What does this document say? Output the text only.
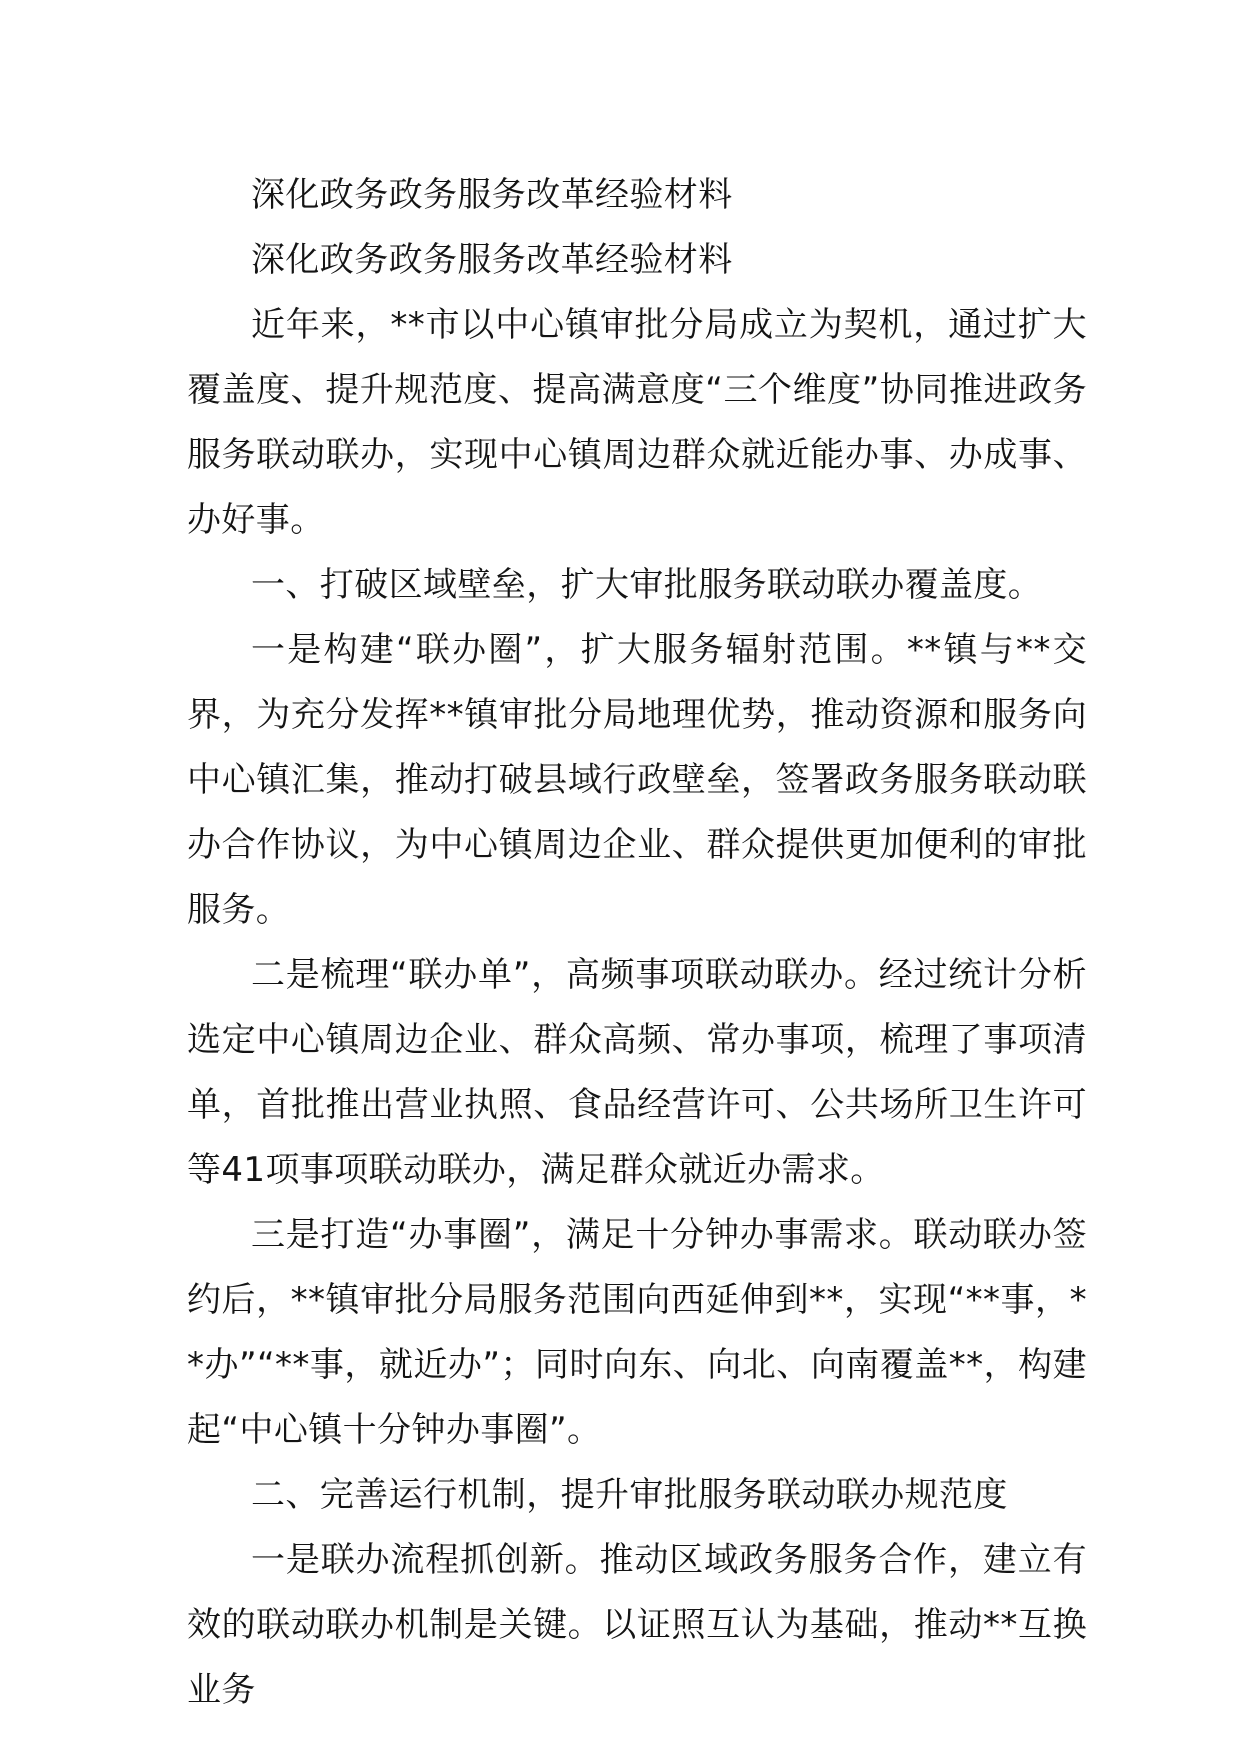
深化政务政务服务改革经验材料

深化政务政务服务改革经验材料

近年来，**市以中心镇审批分局成立为契机，通过扩大覆盖度、提升规范度、提高满意度“三个维度”协同推进政务服务联动联办，实现中心镇周边群众就近能办事、办成事、办好事。

一、打破区域壁垒，扩大审批服务联动联办覆盖度。

一是构建“联办圈”，扩大服务辐射范围。**镇与**交界，为充分发挥**镇审批分局地理优势，推动资源和服务向中心镇汇集，推动打破县域行政壁垒，签署政务服务联动联办合作协议，为中心镇周边企业、群众提供更加便利的审批服务。

二是梳理“联办单”，高频事项联动联办。经过统计分析选定中心镇周边企业、群众高频、常办事项，梳理了事项清单，首批推出营业执照、食品经营许可、公共场所卫生许可等41项事项联动联办，满足群众就近办需求。

三是打造“办事圈”，满足十分钟办事需求。联动联办签约后，**镇审批分局服务范围向西延伸到**，实现“**事，**办”“**事，就近办”；同时向东、向北、向南覆盖**，构建起“中心镇十分钟办事圈”。

二、完善运行机制，提升审批服务联动联办规范度

一是联办流程抓创新。推动区域政务服务合作，建立有效的联动联办机制是关键。以证照互认为基础，推动**互换业务
